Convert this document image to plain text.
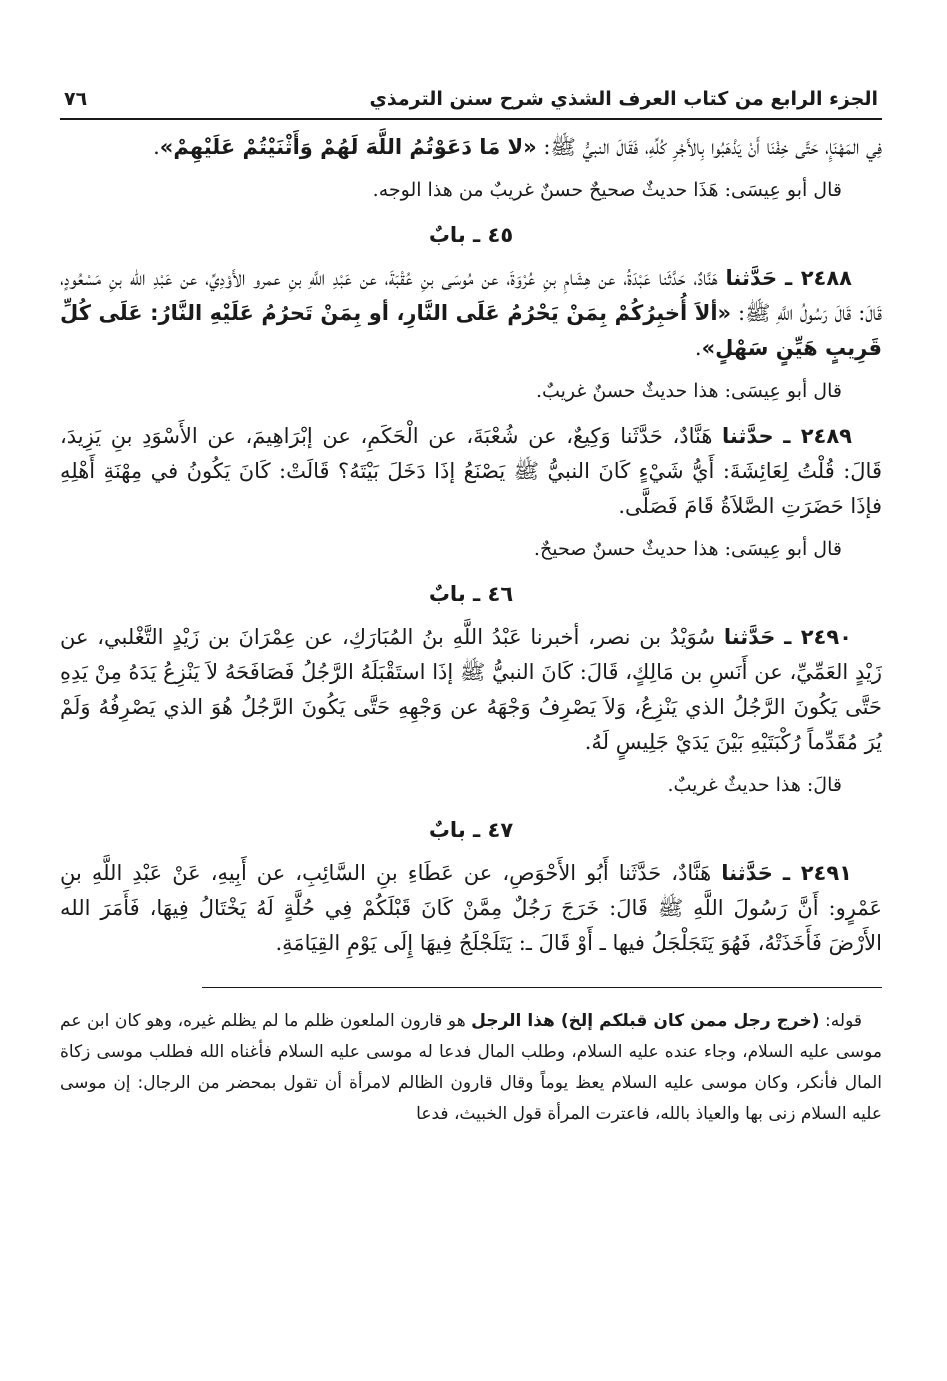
الجزء الرابع من كتاب العرف الشذي شرح سنن الترمذي
٧٦

فِي المَهْنَإِ، حَتَّى خِفْنَا أَنْ يَذْهَبُوا بِالأَجْرِ كُلِّهِ، فَقَالَ النبيُّ ﷺ: «لا مَا دَعَوْتُمُ اللَّهَ لَهُمْ وَأَثْنَيْتُمْ عَلَيْهِمْ».

قال أبو عِيسَى: هَذَا حديثٌ صحيحٌ حسنٌ غريبٌ من هذا الوجه.

٤٥ ـ بابٌ

٢٤٨٨ ـ حَدَّثنا هَنَّادٌ، حَدَّثَنا عَبْدَةُ، عن هِشَامِ بنِ عُرْوَةَ، عن مُوسَى بنِ عُقْبَةَ، عن عَبْدِ اللَّهِ بنِ عمرو الأَوْدِيِّ، عن عَبْدِ الله بنِ مَسْعُودٍ، قَالَ: قَالَ رَسُولُ اللَّهِ ﷺ: «ألاَ أُخبِرُكُمْ بِمَنْ يَحْرُمُ عَلَى النَّارِ، أو بِمَنْ تَحرُمُ عَلَيْهِ النَّارُ: عَلَى كُلِّ قَرِيبٍ هَيِّنٍ سَهْلٍ».

قال أبو عِيسَى: هذا حديثٌ حسنٌ غريبٌ.

٢٤٨٩ ـ حدَّثنا هَنَّادٌ، حَدَّثَنا وَكِيعٌ، عن شُعْبَةَ، عن الْحَكَمِ، عن إبْرَاهِيمَ، عن الأَسْوَدِ بنِ يَزِيدَ، قَالَ: قُلْتُ لِعَائِشَةَ: أَيُّ شَيْءٍ كَانَ النبيُّ ﷺ يَصْنَعُ إذَا دَخَلَ بَيْتَهُ؟ قَالَتْ: كَانَ يَكُونُ في مِهْنَةِ أَهْلِهِ فإذَا حَضَرَتِ الصَّلاَةُ قَامَ فَصَلَّى.

قال أبو عِيسَى: هذا حديثٌ حسنٌ صحيحٌ.

٤٦ ـ بابٌ

٢٤٩٠ ـ حَدَّثنا سُوَيْدُ بن نصر، أخبرنا عَبْدُ اللَّهِ بنُ المُبَارَكِ، عن عِمْرَانَ بن زَيْدٍ التَّغْلبي، عن زَيْدٍ العَمِّيِّ، عن أَنَسِ بن مَالِكٍ، قَالَ: كَانَ النبيُّ ﷺ إذَا استَقْبَلَهُ الرَّجُلُ فَصَافَحَهُ لاَ يَنْزِعُ يَدَهُ مِنْ يَدِهِ حَتَّى يَكُونَ الرَّجُلُ الذي يَنْزِعُ، وَلاَ يَصْرِفُ وَجْهَهُ عن وَجْهِهِ حَتَّى يَكُونَ الرَّجُلُ هُوَ الذي يَصْرِفُهُ وَلَمْ يُرَ مُقَدِّماً رُكْبَتَيْهِ بَيْنَ يَدَيْ جَلِيسٍ لَهُ.

قالَ: هذا حديثٌ غريبٌ.

٤٧ ـ بابٌ

٢٤٩١ ـ حَدَّثنا هَنَّادٌ، حَدَّثَنا أَبُو الأَحْوَصِ، عن عَطَاءِ بنِ السَّائِبِ، عن أَبِيهِ، عَنْ عَبْدِ اللَّهِ بنِ عَمْرٍو: أَنَّ رَسُولَ اللَّهِ ﷺ قَالَ: خَرَجَ رَجُلٌ مِمَّنْ كَانَ قَبْلَكُمْ فِي حُلَّةٍ لَهُ يَخْتَالُ فِيهَا، فَأَمَرَ الله الأَرْضَ فَأَخَذَتْهُ، فَهُوَ يَتَجَلْجَلُ فيها ـ أَوْ قَالَ ـ: يَتَلَجْلَجُ فِيهَا إِلَى يَوْمِ القِيَامَةِ.

قوله: (خرج رجل ممن كان قبلكم إلخ) هذا الرجل هو قارون الملعون ظلم ما لم يظلم غيره، وهو كان ابن عم موسى عليه السلام، وجاء عنده عليه السلام، وطلب المال فدعا له موسى عليه السلام فأغناه الله فطلب موسى زكاة المال فأنكر، وكان موسى عليه السلام يعظ يوماً وقال قارون الظالم لامرأة أن تقول بمحضر من الرجال: إن موسى عليه السلام زنى بها والعياذ بالله، فاعترت المرأة قول الخبيث، فدعا
